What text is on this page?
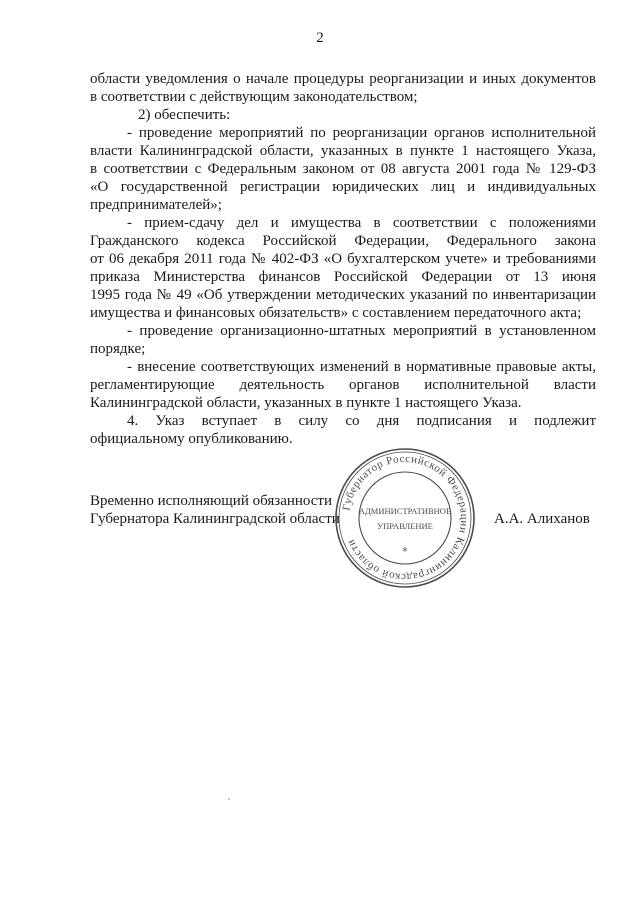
2
области уведомления о начале процедуры реорганизации и иных документов
в соответствии с действующим законодательством;
2) обеспечить:
- проведение мероприятий по реорганизации органов исполнительной
власти Калининградской области, указанных в пункте 1 настоящего Указа,
в соответствии с Федеральным законом от 08 августа 2001 года № 129-ФЗ
«О государственной регистрации юридических лиц и индивидуальных
предпринимателей»;
- прием-сдачу дел и имущества в соответствии с положениями
Гражданского кодекса Российской Федерации, Федерального закона
от 06 декабря 2011 года № 402-ФЗ «О бухгалтерском учете» и требованиями
приказа Министерства финансов Российской Федерации от 13 июня
1995 года № 49 «Об утверждении методических указаний по инвентаризации
имущества и финансовых обязательств» с составлением передаточного акта;
- проведение организационно-штатных мероприятий в установленном
порядке;
- внесение соответствующих изменений в нормативные правовые акты,
регламентирующие деятельность органов исполнительной власти
Калининградской области, указанных в пункте 1 настоящего Указа.
4. Указ вступает в силу со дня подписания и подлежит
официальному опубликованию.
Временно исполняющий обязанности
Губернатора Калининградской области	А.А. Алиханов
Губернатор Российской Федерации Калининградской области
АДМИНИСТРАТИВНОЕ
УПРАВЛЕНИЕ
*
